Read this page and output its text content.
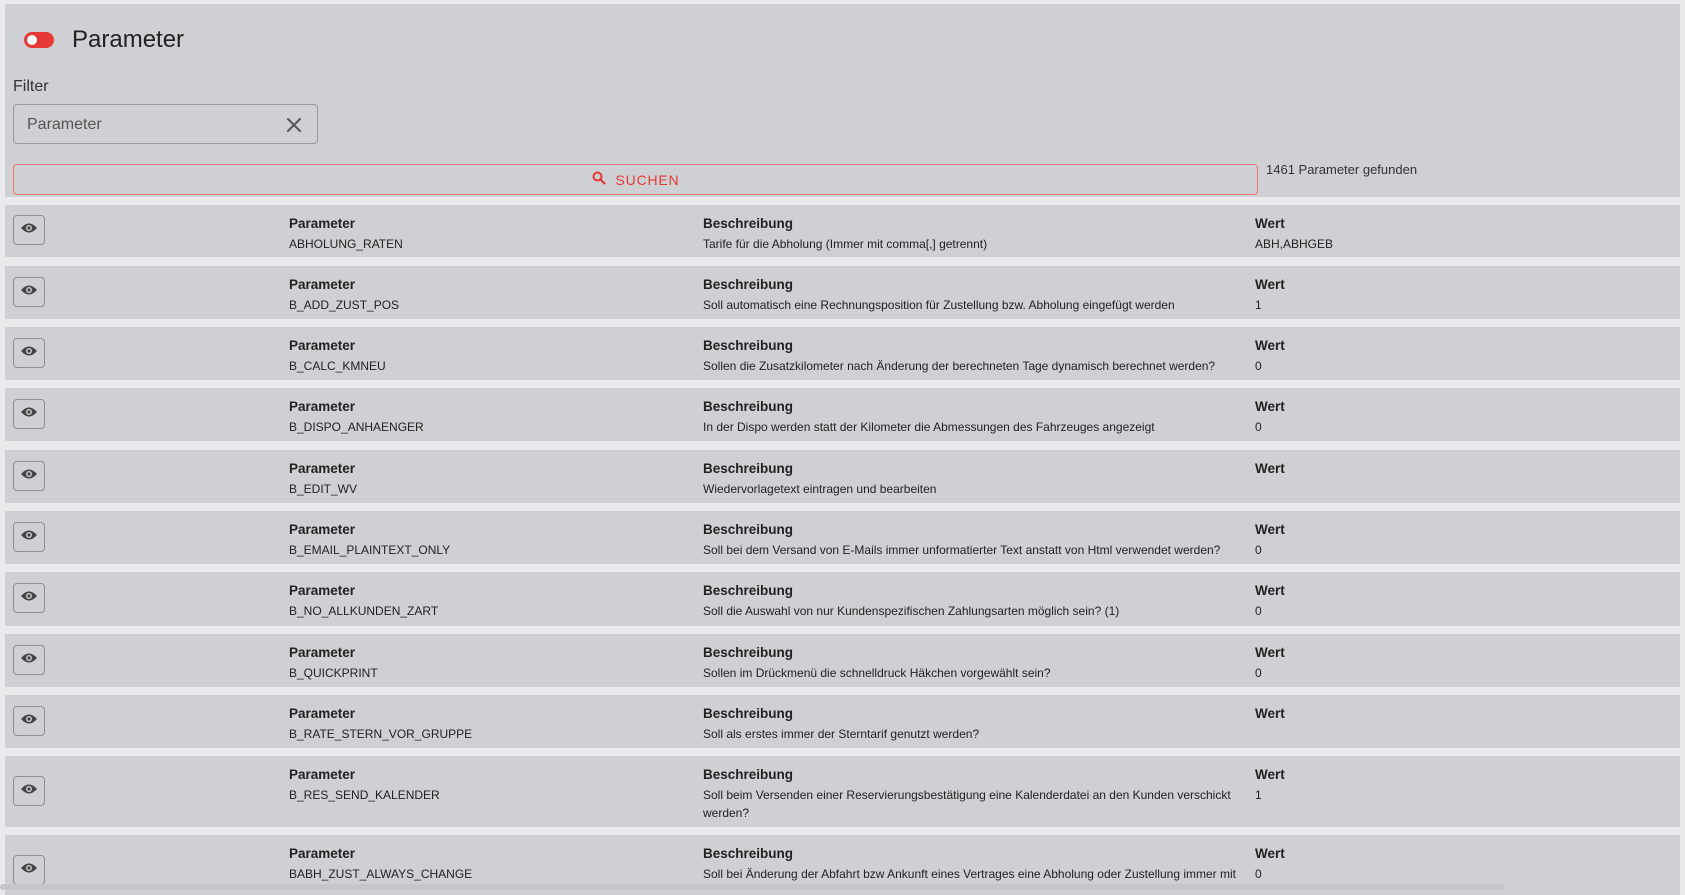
Parameter
Filter
Parameter
SUCHEN
1461 Parameter gefunden
Parameter
ABHOLUNG_RATEN
Beschreibung
Tarife für die Abholung (Immer mit comma[,] getrennt)
Wert
ABH,ABHGEB
Parameter
B_ADD_ZUST_POS
Beschreibung
Soll automatisch eine Rechnungsposition für Zustellung bzw. Abholung eingefügt werden
Wert
1
Parameter
B_CALC_KMNEU
Beschreibung
Sollen die Zusatzkilometer nach Änderung der berechneten Tage dynamisch berechnet werden?
Wert
0
Parameter
B_DISPO_ANHAENGER
Beschreibung
In der Dispo werden statt der Kilometer die Abmessungen des Fahrzeuges angezeigt
Wert
0
Parameter
B_EDIT_WV
Beschreibung
Wiedervorlagetext eintragen und bearbeiten
Wert
Parameter
B_EMAIL_PLAINTEXT_ONLY
Beschreibung
Soll bei dem Versand von E-Mails immer unformatierter Text anstatt von Html verwendet werden?
Wert
0
Parameter
B_NO_ALLKUNDEN_ZART
Beschreibung
Soll die Auswahl von nur Kundenspezifischen Zahlungsarten möglich sein? (1)
Wert
0
Parameter
B_QUICKPRINT
Beschreibung
Sollen im Drückmenü die schnelldruck Häkchen vorgewählt sein?
Wert
0
Parameter
B_RATE_STERN_VOR_GRUPPE
Beschreibung
Soll als erstes immer der Sterntarif genutzt werden?
Wert
Parameter
B_RES_SEND_KALENDER
Beschreibung
Soll beim Versenden einer Reservierungsbestätigung eine Kalenderdatei an den Kunden verschickt werden?
Wert
1
Parameter
BABH_ZUST_ALWAYS_CHANGE
Beschreibung
Soll bei Änderung der Abfahrt bzw Ankunft eines Vertrages eine Abholung oder Zustellung immer mit
Wert
0
